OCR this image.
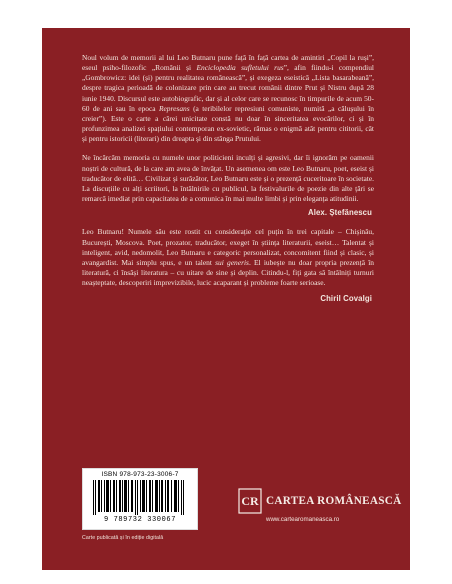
Noul volum de memorii al lui Leo Butnaru pune față în față cartea de amintiri „Copil la ruși”, eseul psiho-filozofic „Românii și Enciclopedia sufletului rus”, afin fiindu-i compendiul „Gombrowicz: idei (și) pentru realitatea românească”, și exegeza eseistică „Lista basarabeană”, despre tragica perioadă de colonizare prin care au trecut românii dintre Prut și Nistru după 28 iunie 1940. Discursul este autobiografic, dar și al celor care se recunosc în timpurile de acum 50-60 de ani sau în epoca Represans (a teribilelor represiuni comuniste, numită „a călușului în creier”). Este o carte a cărei unicitate constă nu doar în sinceritatea evocărilor, ci și în profunzimea analizei spațiului contemporan ex-sovietic, rămas o enigmă atât pentru cititorii, cât și pentru istoricii (literari) din dreapta și din stânga Prutului.

Ne încărcăm memoria cu numele unor politicieni inculți și agresivi, dar îi ignorăm pe oamenii noștri de cultură, de la care am avea de învățat. Un asemenea om este Leo Butnaru, poet, eseist și traducător de elită… Civilizat și surâzător, Leo Butnaru este și o prezență cuceritoare în societate. La discuțiile cu alți scriitori, la întâlnirile cu publicul, la festivalurile de poezie din alte țări se remarcă imediat prin capacitatea de a comunica în mai multe limbi și prin eleganța atitudinii.

Alex. Ștefănescu

Leo Butnaru! Numele său este rostit cu considerație cel puțin în trei capitale – Chișinău, București, Moscova. Poet, prozator, traducător, exeget în știința literaturii, eseist… Talentat și inteligent, avid, nedomolit, Leo Butnaru e categoric personalizat, concomitent fiind și clasic, și avangardist. Mai simplu spus, e un talent sui generis. El iubește nu doar propria prezență în literatură, ci însăși literatura – cu uitare de sine și deplin. Citindu-l, fiți gata să întâlniți turnuri neașteptate, descoperiri imprevizibile, lucic acaparant și probleme foarte serioase.

Chiril Covalgi
ISBN 978-973-23-3006-7
9 789732 330067
Carte publicată și în ediție digitală
CR CARTEA ROMÂNEASCĂ
www.cartearomaneasca.ro
